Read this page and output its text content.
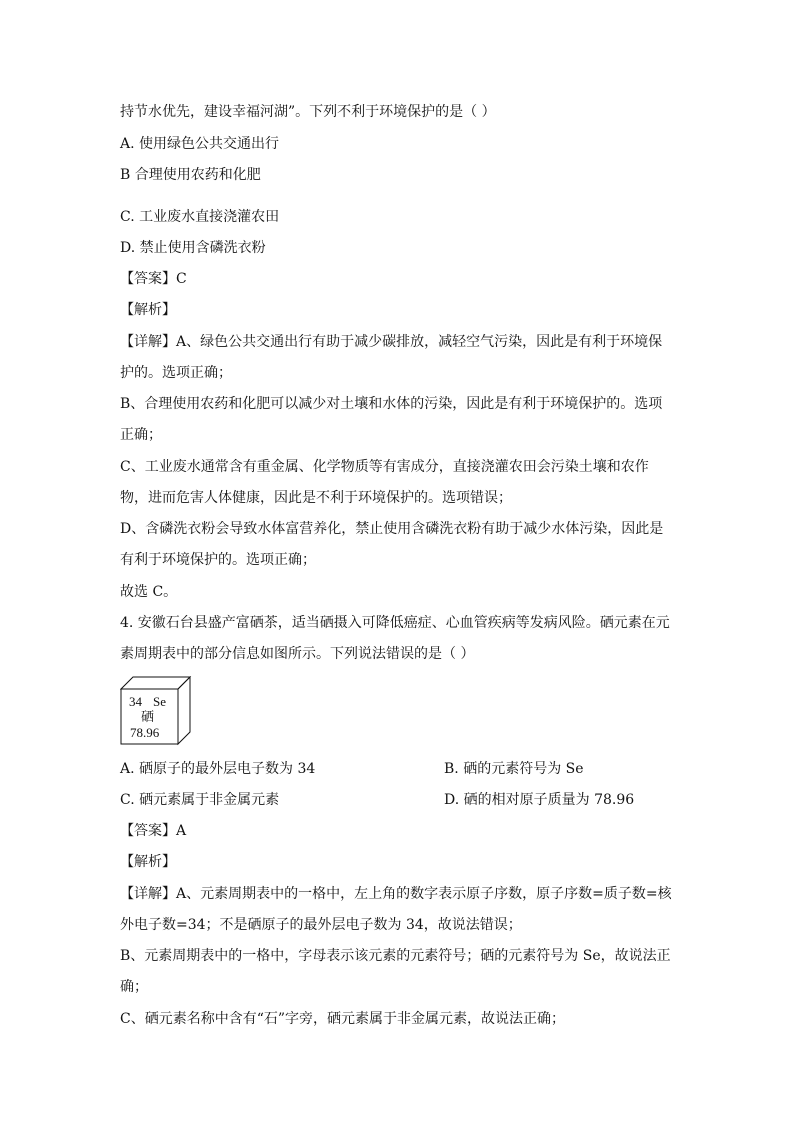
持节水优先，建设幸福河湖”。下列不利于环境保护的是（ ）
A. 使用绿色公共交通出行
B 合理使用农药和化肥
C. 工业废水直接浇灌农田
D. 禁止使用含磷洗衣粉
【答案】C
【解析】
【详解】A、绿色公共交通出行有助于减少碳排放，减轻空气污染，因此是有利于环境保
护的。选项正确；
B、合理使用农药和化肥可以减少对土壤和水体的污染，因此是有利于环境保护的。选项
正确；
C、工业废水通常含有重金属、化学物质等有害成分，直接浇灌农田会污染土壤和农作
物，进而危害人体健康，因此是不利于环境保护的。选项错误；
D、含磷洗衣粉会导致水体富营养化，禁止使用含磷洗衣粉有助于减少水体污染，因此是
有利于环境保护的。选项正确；
故选 C。
4. 安徽石台县盛产富硒茶，适当硒摄入可降低癌症、心血管疾病等发病风险。硒元素在元
素周期表中的部分信息如图所示。下列说法错误的是（ ）
34 Se
硒
78.96
A. 硒原子的最外层电子数为 34	B. 硒的元素符号为 Se
C. 硒元素属于非金属元素	D. 硒的相对原子质量为 78.96
【答案】A
【解析】
【详解】A、元素周期表中的一格中，左上角的数字表示原子序数，原子序数=质子数=核
外电子数=34；不是硒原子的最外层电子数为 34，故说法错误；
B、元素周期表中的一格中，字母表示该元素的元素符号；硒的元素符号为 Se，故说法正
确；
C、硒元素名称中含有“石”字旁，硒元素属于非金属元素，故说法正确；
